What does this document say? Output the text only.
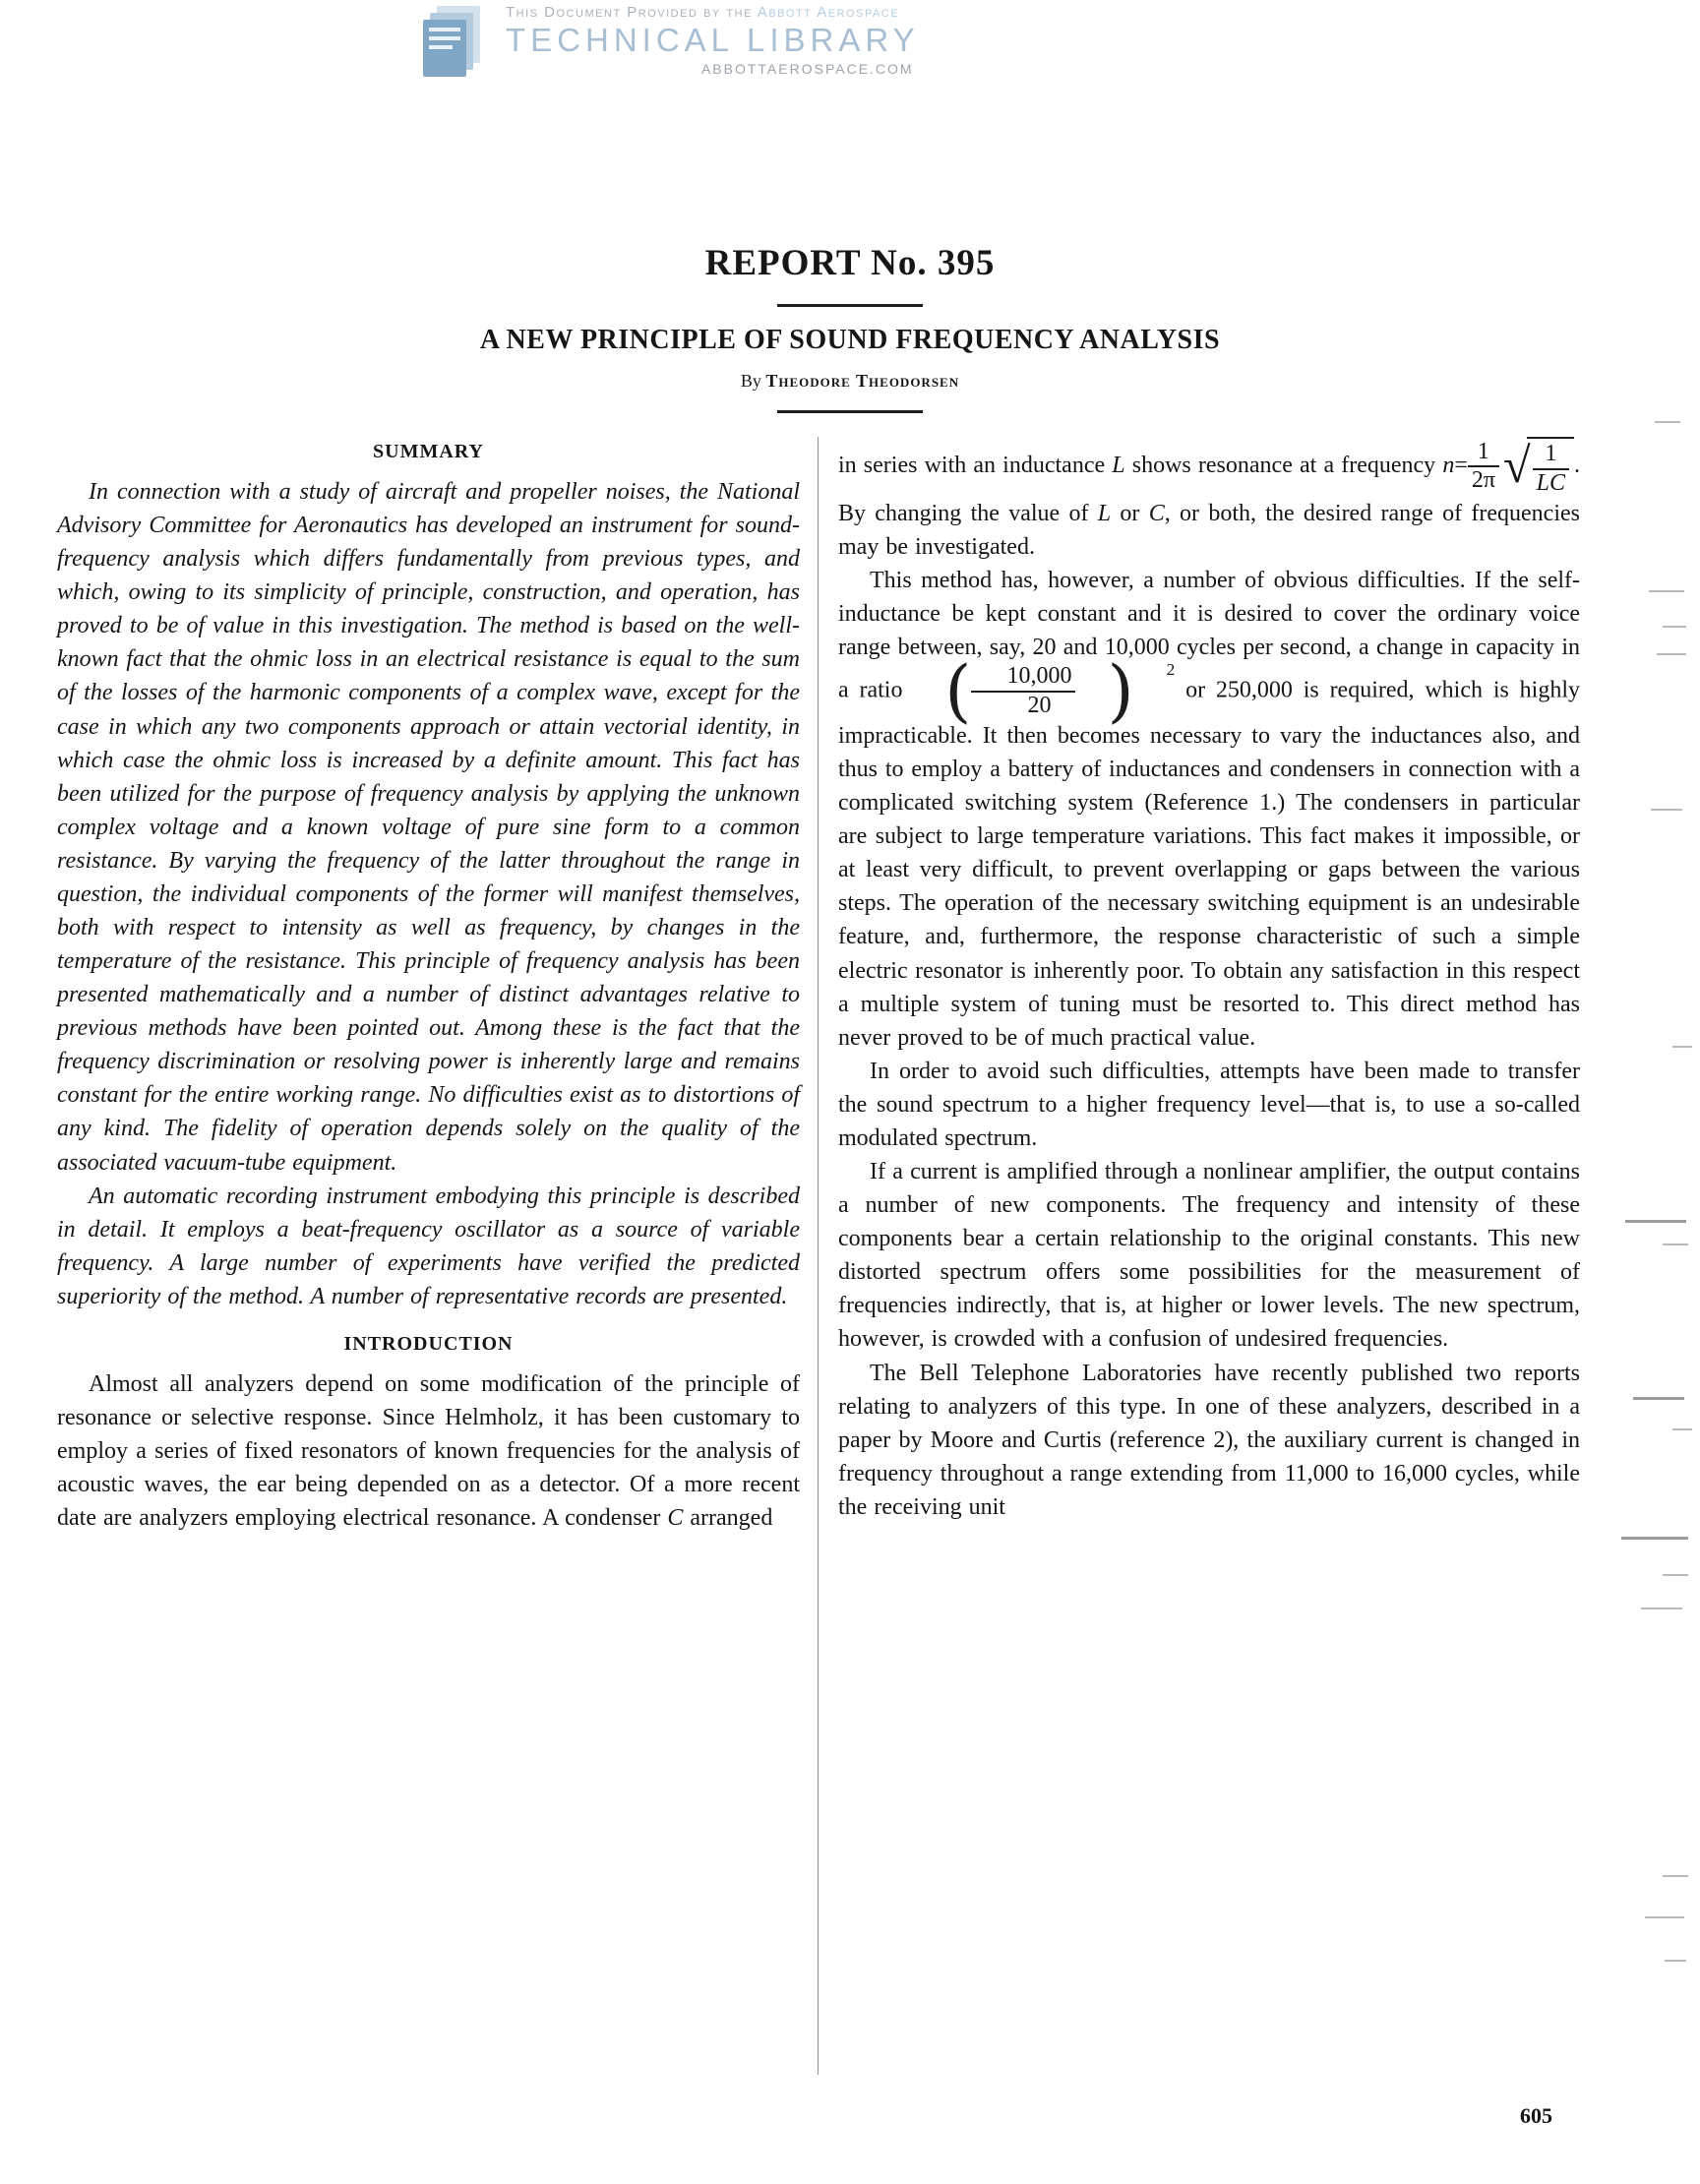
This Document Provided by the Abbott Aerospace
TECHNICAL LIBRARY
ABBOTTAEROSPACE.COM
REPORT No. 395
A NEW PRINCIPLE OF SOUND FREQUENCY ANALYSIS
By Theodore Theodorsen
SUMMARY

In connection with a study of aircraft and propeller noises, the National Advisory Committee for Aeronautics has developed an instrument for sound-frequency analysis which differs fundamentally from previous types, and which, owing to its simplicity of principle, construction, and operation, has proved to be of value in this investigation. The method is based on the well-known fact that the ohmic loss in an electrical resistance is equal to the sum of the losses of the harmonic components of a complex wave, except for the case in which any two components approach or attain vectorial identity, in which case the ohmic loss is increased by a definite amount. This fact has been utilized for the purpose of frequency analysis by applying the unknown complex voltage and a known voltage of pure sine form to a common resistance. By varying the frequency of the latter throughout the range in question, the individual components of the former will manifest themselves, both with respect to intensity as well as frequency, by changes in the temperature of the resistance. This principle of frequency analysis has been presented mathematically and a number of distinct advantages relative to previous methods have been pointed out. Among these is the fact that the frequency discrimination or resolving power is inherently large and remains constant for the entire working range. No difficulties exist as to distortions of any kind. The fidelity of operation depends solely on the quality of the associated vacuum-tube equipment.

An automatic recording instrument embodying this principle is described in detail. It employs a beat-frequency oscillator as a source of variable frequency. A large number of experiments have verified the predicted superiority of the method. A number of representative records are presented.

INTRODUCTION

Almost all analyzers depend on some modification of the principle of resonance or selective response. Since Helmholz, it has been customary to employ a series of fixed resonators of known frequencies for the analysis of acoustic waves, the ear being depended on as a detector. Of a more recent date are analyzers employing electrical resonance. A condenser C arranged

in series with an inductance L shows resonance at a frequency $n= \frac{1}{2\pi}$ √ $\frac{1}{LC}$ . By changing the value of L or C, or both, the desired range of frequencies may be investigated.

This method has, however, a number of obvious difficulties. If the self-inductance be kept constant and it is desired to cover the ordinary voice range between, say, 20 and 10,000 cycles per second, a change in capacity in a ratio ( $\frac{10,000}{20}$ )	2
or 250,000 is required, which is highly impracticable. It then becomes necessary to vary the inductances also, and thus to employ a battery of inductances and condensers in connection with a complicated switching system (Reference 1.) The condensers in particular are subject to large temperature variations. This fact makes it impossible, or at least very difficult, to prevent overlapping or gaps between the various steps. The operation of the necessary switching equipment is an undesirable feature, and, furthermore, the response characteristic of such a simple electric resonator is inherently poor. To obtain any satisfaction in this respect a multiple system of tuning must be resorted to. This direct method has never proved to be of much practical value.

In order to avoid such difficulties, attempts have been made to transfer the sound spectrum to a higher frequency level—that is, to use a so-called modulated spectrum.

If a current is amplified through a nonlinear amplifier, the output contains a number of new components. The frequency and intensity of these components bear a certain relationship to the original constants. This new distorted spectrum offers some possibilities for the measurement of frequencies indirectly, that is, at higher or lower levels. The new spectrum, however, is crowded with a confusion of undesired frequencies.

The Bell Telephone Laboratories have recently published two reports relating to analyzers of this type. In one of these analyzers, described in a paper by Moore and Curtis (reference 2), the auxiliary current is changed in frequency throughout a range extending from 11,000 to 16,000 cycles, while the receiving unit

605
